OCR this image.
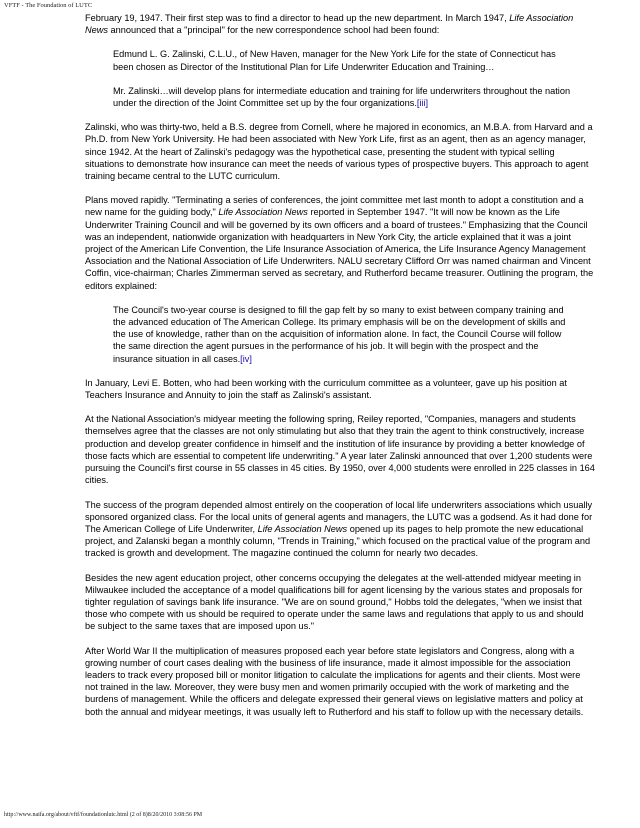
VFTF - The Foundation of LUTC

February 19, 1947. Their first step was to find a director to head up the new department. In March 1947, Life Association News announced that a "principal" for the new correspondence school had been found:

Edmund L. G. Zalinski, C.L.U., of New Haven, manager for the New York Life for the state of Connecticut has been chosen as Director of the Institutional Plan for Life Underwriter Education and Training…

Mr. Zalinski…will develop plans for intermediate education and training for life underwriters throughout the nation under the direction of the Joint Committee set up by the four organizations.[iii]

Zalinski, who was thirty-two, held a B.S. degree from Cornell, where he majored in economics, an M.B.A. from Harvard and a Ph.D. from New York University. He had been associated with New York Life, first as an agent, then as an agency manager, since 1942. At the heart of Zalinski's pedagogy was the hypothetical case, presenting the student with typical selling situations to demonstrate how insurance can meet the needs of various types of prospective buyers. This approach to agent training became central to the LUTC curriculum.

Plans moved rapidly. "Terminating a series of conferences, the joint committee met last month to adopt a constitution and a new name for the guiding body," Life Association News reported in September 1947. "It will now be known as the Life Underwriter Training Council and will be governed by its own officers and a board of trustees." Emphasizing that the Council was an independent, nationwide organization with headquarters in New York City, the article explained that it was a joint project of the American Life Convention, the Life Insurance Association of America, the Life Insurance Agency Management Association and the National Association of Life Underwriters. NALU secretary Clifford Orr was named chairman and Vincent Coffin, vice-chairman; Charles Zimmerman served as secretary, and Rutherford became treasurer. Outlining the program, the editors explained:

The Council's two-year course is designed to fill the gap felt by so many to exist between company training and the advanced education of The American College. Its primary emphasis will be on the development of skills and the use of knowledge, rather than on the acquisition of information alone. In fact, the Council Course will follow the same direction the agent pursues in the performance of his job. It will begin with the prospect and the insurance situation in all cases.[iv]

In January, Levi E. Botten, who had been working with the curriculum committee as a volunteer, gave up his position at Teachers Insurance and Annuity to join the staff as Zalinski's assistant.

At the National Association's midyear meeting the following spring, Reiley reported, "Companies, managers and students themselves agree that the classes are not only stimulating but also that they train the agent to think constructively, increase production and develop greater confidence in himself and the institution of life insurance by providing a better knowledge of those facts which are essential to competent life underwriting." A year later Zalinski announced that over 1,200 students were pursuing the Council's first course in 55 classes in 45 cities. By 1950, over 4,000 students were enrolled in 225 classes in 164 cities.

The success of the program depended almost entirely on the cooperation of local life underwriters associations which usually sponsored organized class. For the local units of general agents and managers, the LUTC was a godsend. As it had done for The American College of Life Underwriter, Life Association News opened up its pages to help promote the new educational project, and Zalanski began a monthly column, "Trends in Training," which focused on the practical value of the program and tracked is growth and development. The magazine continued the column for nearly two decades.

Besides the new agent education project, other concerns occupying the delegates at the well-attended midyear meeting in Milwaukee included the acceptance of a model qualifications bill for agent licensing by the various states and proposals for tighter regulation of savings bank life insurance. "We are on sound ground," Hobbs told the delegates, "when we insist that those who compete with us should be required to operate under the same laws and regulations that apply to us and should be subject to the same taxes that are imposed upon us."

After World War II the multiplication of measures proposed each year before state legislators and Congress, along with a growing number of court cases dealing with the business of life insurance, made it almost impossible for the association leaders to track every proposed bill or monitor litigation to calculate the implications for agents and their clients. Most were not trained in the law. Moreover, they were busy men and women primarily occupied with the work of marketing and the burdens of management. While the officers and delegate expressed their general views on legislative matters and policy at both the annual and midyear meetings, it was usually left to Rutherford and his staff to follow up with the necessary details.

http://www.naifa.org/about/vftf/foundationlutc.html (2 of 8)8/20/2010 3:08:56 PM
